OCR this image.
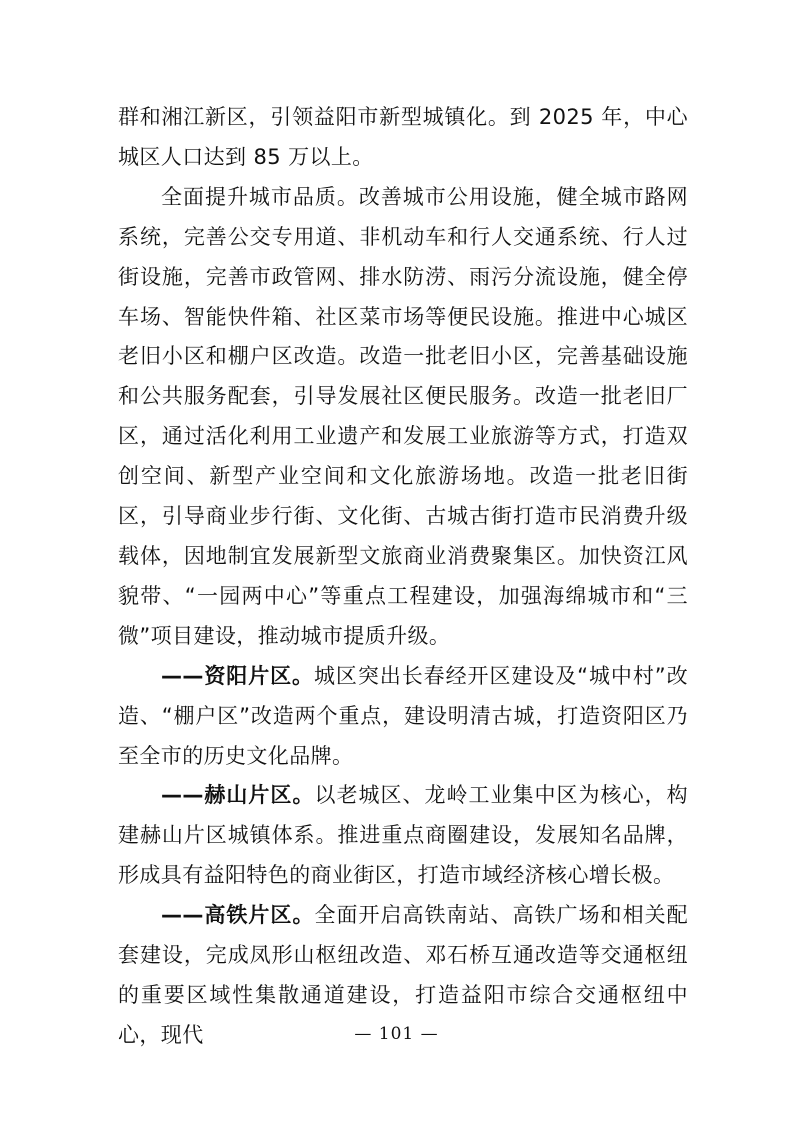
群和湘江新区，引领益阳市新型城镇化。到 2025 年，中心城区人口达到 85 万以上。

全面提升城市品质。改善城市公用设施，健全城市路网系统，完善公交专用道、非机动车和行人交通系统、行人过街设施，完善市政管网、排水防涝、雨污分流设施，健全停车场、智能快件箱、社区菜市场等便民设施。推进中心城区老旧小区和棚户区改造。改造一批老旧小区，完善基础设施和公共服务配套，引导发展社区便民服务。改造一批老旧厂区，通过活化利用工业遗产和发展工业旅游等方式，打造双创空间、新型产业空间和文化旅游场地。改造一批老旧街区，引导商业步行街、文化街、古城古街打造市民消费升级载体，因地制宜发展新型文旅商业消费聚集区。加快资江风貌带、“一园两中心”等重点工程建设，加强海绵城市和“三微”项目建设，推动城市提质升级。

——资阳片区。城区突出长春经开区建设及“城中村”改造、“棚户区”改造两个重点，建设明清古城，打造资阳区乃至全市的历史文化品牌。

——赫山片区。以老城区、龙岭工业集中区为核心，构建赫山片区城镇体系。推进重点商圈建设，发展知名品牌，形成具有益阳特色的商业街区，打造市域经济核心增长极。

——高铁片区。全面开启高铁南站、高铁广场和相关配套建设，完成凤形山枢纽改造、邓石桥互通改造等交通枢纽的重要区域性集散通道建设，打造益阳市综合交通枢纽中心，现代	— 101 —
